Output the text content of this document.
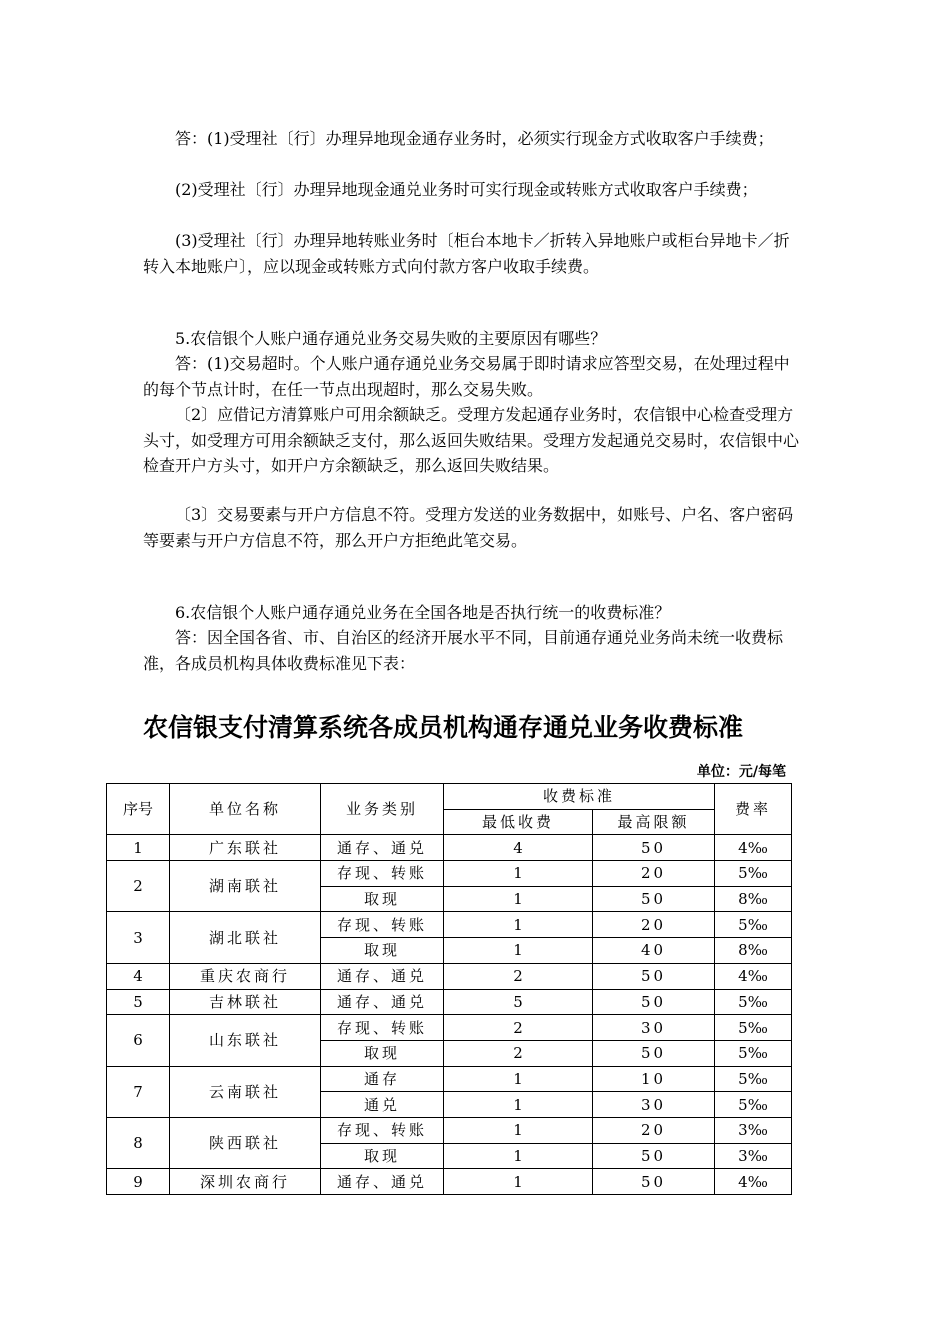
答：(1)受理社〔行〕办理异地现金通存业务时，必须实行现金方式收取客户手续费；

(2)受理社〔行〕办理异地现金通兑业务时可实行现金或转账方式收取客户手续费；

(3)受理社〔行〕办理异地转账业务时〔柜台本地卡／折转入异地账户或柜台异地卡／折转入本地账户〕，应以现金或转账方式向付款方客户收取手续费。

5.农信银个人账户通存通兑业务交易失败的主要原因有哪些？

答：(1)交易超时。个人账户通存通兑业务交易属于即时请求应答型交易，在处理过程中的每个节点计时，在任一节点出现超时，那么交易失败。

〔2〕应借记方清算账户可用余额缺乏。受理方发起通存业务时，农信银中心检查受理方头寸，如受理方可用余额缺乏支付，那么返回失败结果。受理方发起通兑交易时，农信银中心检查开户方头寸，如开户方余额缺乏，那么返回失败结果。

〔3〕交易要素与开户方信息不符。受理方发送的业务数据中，如账号、户名、客户密码等要素与开户方信息不符，那么开户方拒绝此笔交易。

6.农信银个人账户通存通兑业务在全国各地是否执行统一的收费标准？

答：因全国各省、市、自治区的经济开展水平不同，目前通存通兑业务尚未统一收费标准，各成员机构具体收费标准见下表：

农信银支付清算系统各成员机构通存通兑业务收费标准
单位：元/每笔
序号	单位名称	业务类别	收费标准		费率
			最低收费	最高限额	
1	广东联社	通存、通兑	4	50	4‰
2	湖南联社	存现、转账	1	20	5‰
		取现	1	50	8‰
3	湖北联社	存现、转账	1	20	5‰
		取现	1	40	8‰
4	重庆农商行	通存、通兑	2	50	4‰
5	吉林联社	通存、通兑	5	50	5‰
6	山东联社	存现、转账	2	30	5‰
		取现	2	50	5‰
7	云南联社	通存	1	10	5‰
		通兑	1	30	5‰
8	陕西联社	存现、转账	1	20	3‰
		取现	1	50	3‰
9	深圳农商行	通存、通兑	1	50	4‰
